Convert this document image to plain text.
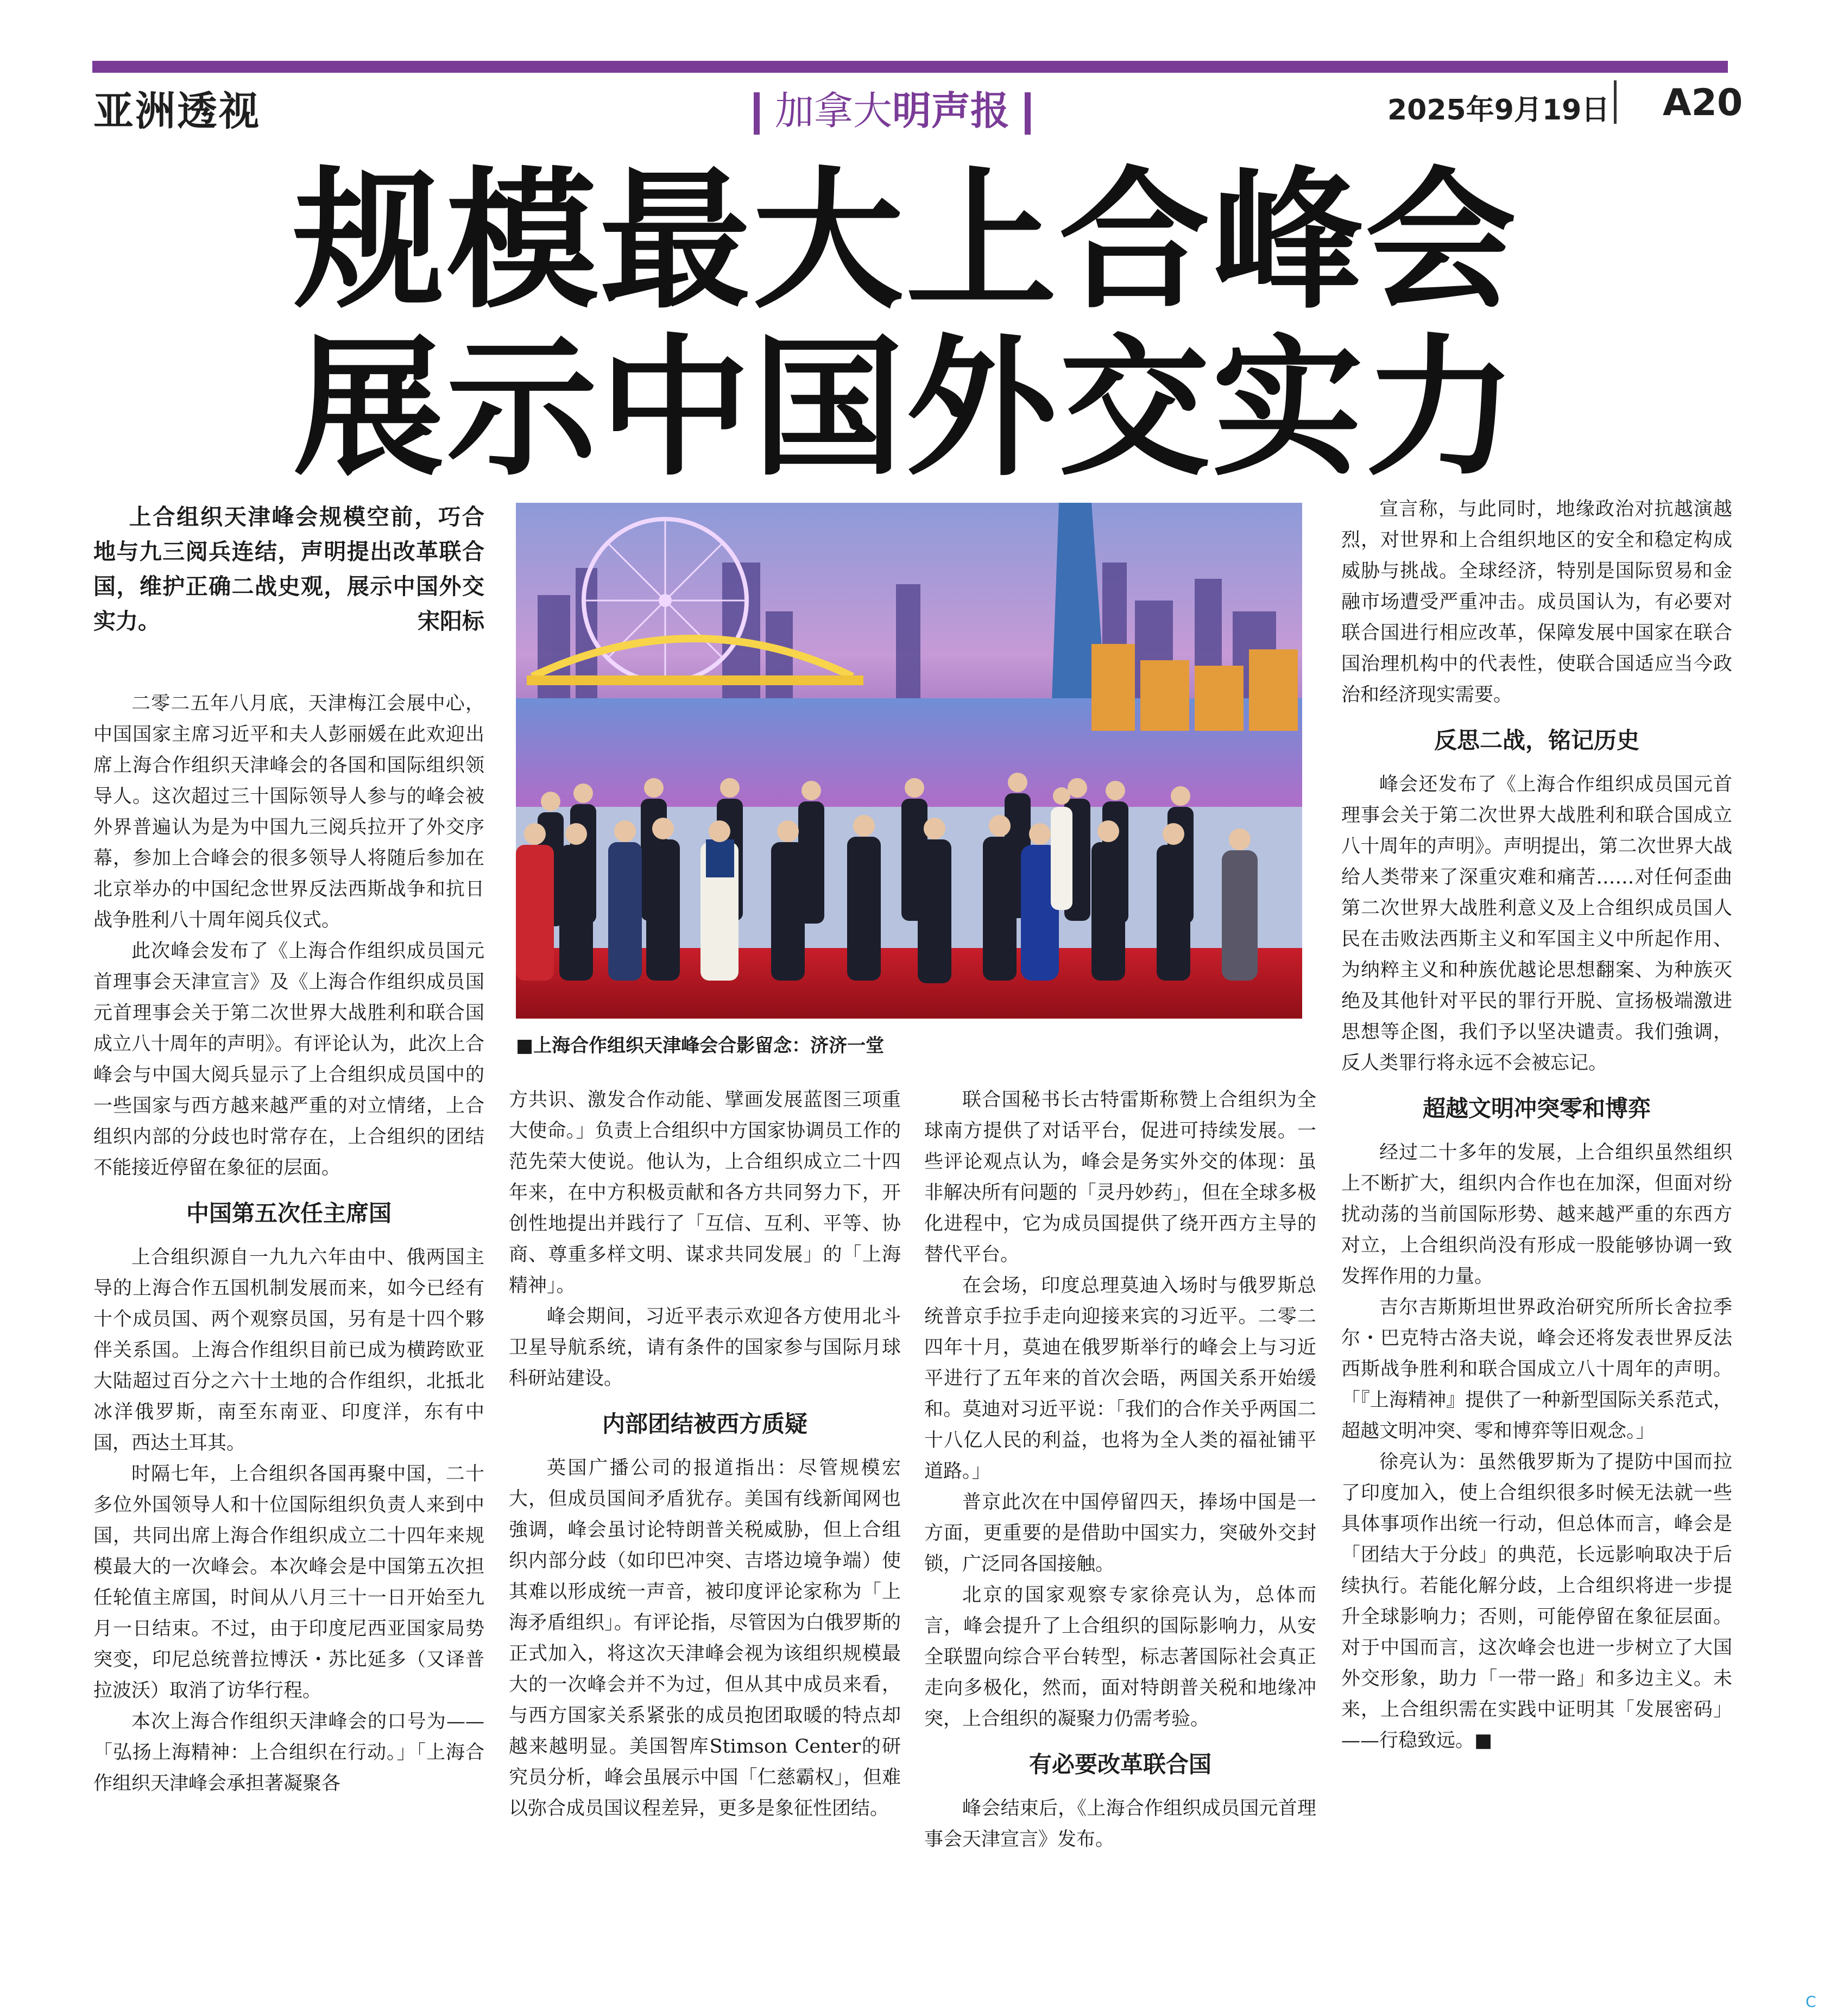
亚洲透视	加拿大明声报	2025年9月19日 A20
规模最大上合峰会
展示中国外交实力
上合组织天津峰会规模空前，巧合地与九三阅兵连结，声明提出改革联合国，维护正确二战史观，展示中国外交实力。	宋阳标
■上海合作组织天津峰会合影留念：济济一堂

二零二五年八月底，天津梅江会展中心，中国国家主席习近平和夫人彭丽媛在此欢迎出席上海合作组织天津峰会的各国和国际组织领导人。这次超过三十国际领导人参与的峰会被外界普遍认为是为中国九三阅兵拉开了外交序幕，参加上合峰会的很多领导人将随后参加在北京举办的中国纪念世界反法西斯战争和抗日战争胜利八十周年阅兵仪式。

此次峰会发布了《上海合作组织成员国元首理事会天津宣言》及《上海合作组织成员国元首理事会关于第二次世界大战胜利和联合国成立八十周年的声明》。有评论认为，此次上合峰会与中国大阅兵显示了上合组织成员国中的一些国家与西方越来越严重的对立情绪，上合组织内部的分歧也时常存在，上合组织的团结不能接近停留在象征的层面。

中国第五次任主席国

上合组织源自一九九六年由中、俄两国主导的上海合作五国机制发展而来，如今已经有十个成员国、两个观察员国，另有是十四个夥伴关系国。上海合作组织目前已成为横跨欧亚大陆超过百分之六十土地的合作组织，北抵北冰洋俄罗斯，南至东南亚、印度洋，东有中国，西达土耳其。

时隔七年，上合组织各国再聚中国，二十多位外国领导人和十位国际组织负责人来到中国，共同出席上海合作组织成立二十四年来规模最大的一次峰会。本次峰会是中国第五次担任轮值主席国，时间从八月三十一日开始至九月一日结束。不过，由于印度尼西亚国家局势突变，印尼总统普拉博沃・苏比延多（又译普拉波沃）取消了访华行程。

本次上海合作组织天津峰会的口号为——「弘扬上海精神：上合组织在行动。」「上海合作组织天津峰会承担著凝聚各

方共识、激发合作动能、擘画发展蓝图三项重大使命。」负责上合组织中方国家协调员工作的范先荣大使说。他认为，上合组织成立二十四年来，在中方积极贡献和各方共同努力下，开创性地提出并践行了「互信、互利、平等、协商、尊重多样文明、谋求共同发展」的「上海精神」。

峰会期间，习近平表示欢迎各方使用北斗卫星导航系统，请有条件的国家参与国际月球科研站建设。

内部团结被西方质疑

英国广播公司的报道指出：尽管规模宏大，但成员国间矛盾犹存。美国有线新闻网也強调，峰会虽讨论特朗普关税威胁，但上合组织内部分歧（如印巴冲突、吉塔边境争端）使其难以形成统一声音，被印度评论家称为「上海矛盾组织」。有评论指，尽管因为白俄罗斯的正式加入，将这次天津峰会视为该组织规模最大的一次峰会并不为过，但从其中成员来看，与西方国家关系紧张的成员抱团取暖的特点却越来越明显。美国智库Stimson Center的研究员分析，峰会虽展示中国「仁慈霸权」，但难以弥合成员国议程差异，更多是象征性团结。

联合国秘书长古特雷斯称赞上合组织为全球南方提供了对话平台，促进可持续发展。一些评论观点认为，峰会是务实外交的体现：虽非解决所有问题的「灵丹妙药」，但在全球多极化进程中，它为成员国提供了绕开西方主导的替代平台。

在会场，印度总理莫迪入场时与俄罗斯总统普京手拉手走向迎接来宾的习近平。二零二四年十月，莫迪在俄罗斯举行的峰会上与习近平进行了五年来的首次会晤，两国关系开始缓和。莫迪对习近平说：「我们的合作关乎两国二十八亿人民的利益，也将为全人类的福祉铺平道路。」

普京此次在中国停留四天，捧场中国是一方面，更重要的是借助中国实力，突破外交封锁，广泛同各国接触。

北京的国家观察专家徐亮认为，总体而言，峰会提升了上合组织的国际影响力，从安全联盟向综合平台转型，标志著国际社会真正走向多极化，然而，面对特朗普关税和地缘冲突，上合组织的凝聚力仍需考验。

有必要改革联合国

峰会结束后，《上海合作组织成员国元首理事会天津宣言》发布。

宣言称，与此同时，地缘政治对抗越演越烈，对世界和上合组织地区的安全和稳定构成威胁与挑战。全球经济，特别是国际贸易和金融市场遭受严重冲击。成员国认为，有必要对联合国进行相应改革，保障发展中国家在联合国治理机构中的代表性，使联合国适应当今政治和经济现实需要。

反思二战，铭记历史

峰会还发布了《上海合作组织成员国元首理事会关于第二次世界大战胜利和联合国成立八十周年的声明》。声明提出，第二次世界大战给人类带来了深重灾难和痛苦……对任何歪曲第二次世界大战胜利意义及上合组织成员国人民在击败法西斯主义和军国主义中所起作用、为纳粹主义和种族优越论思想翻案、为种族灭绝及其他针对平民的罪行开脱、宣扬极端激进思想等企图，我们予以坚决谴责。我们強调，反人类罪行将永远不会被忘记。

超越文明冲突零和博弈

经过二十多年的发展，上合组织虽然组织上不断扩大，组织内合作也在加深，但面对纷扰动荡的当前国际形势、越来越严重的东西方对立，上合组织尚没有形成一股能够协调一致发挥作用的力量。

吉尔吉斯斯坦世界政治研究所所长舍拉季尔・巴克特古洛夫说，峰会还将发表世界反法西斯战争胜利和联合国成立八十周年的声明。「『上海精神』提供了一种新型国际关系范式，超越文明冲突、零和博弈等旧观念。」

徐亮认为：虽然俄罗斯为了提防中国而拉了印度加入，使上合组织很多时候无法就一些具体事项作出统一行动，但总体而言，峰会是「团结大于分歧」的典范，长远影响取决于后续执行。若能化解分歧，上合组织将进一步提升全球影响力；否则，可能停留在象征层面。对于中国而言，这次峰会也进一步树立了大国外交形象，助力「一带一路」和多边主义。未来，上合组织需在实践中证明其「发展密码」——行稳致远。■

C
